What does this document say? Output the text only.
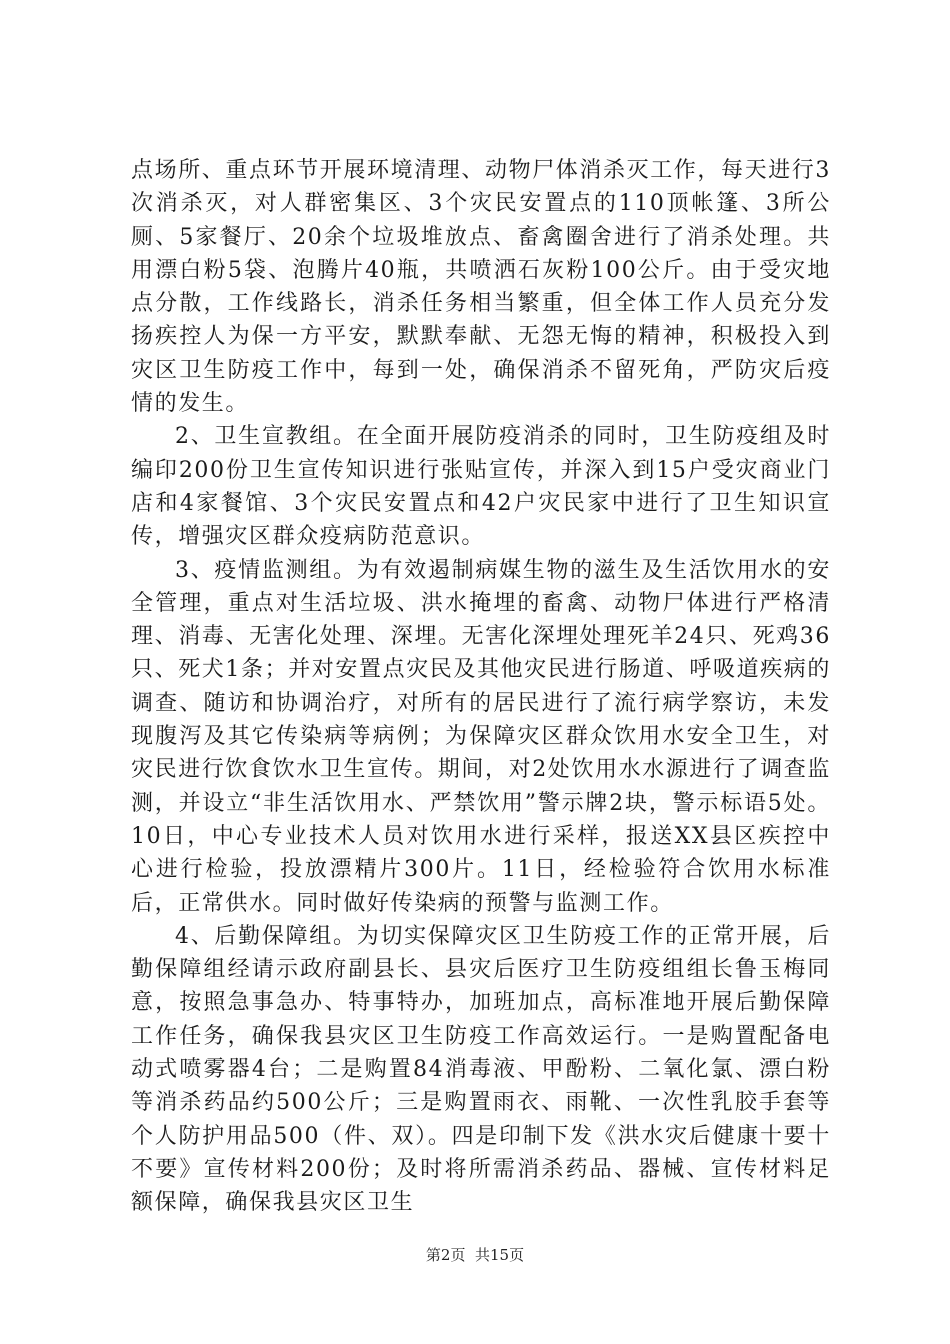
点场所、重点环节开展环境清理、动物尸体消杀灭工作，每天进行3次消杀灭，对人群密集区、3个灾民安置点的110顶帐篷、3所公厕、5家餐厅、20余个垃圾堆放点、畜禽圈舍进行了消杀处理。共用漂白粉5袋、泡腾片40瓶，共喷洒石灰粉100公斤。由于受灾地点分散，工作线路长，消杀任务相当繁重，但全体工作人员充分发扬疾控人为保一方平安，默默奉献、无怨无悔的精神，积极投入到灾区卫生防疫工作中，每到一处，确保消杀不留死角，严防灾后疫情的发生。

2、卫生宣教组。在全面开展防疫消杀的同时，卫生防疫组及时编印200份卫生宣传知识进行张贴宣传，并深入到15户受灾商业门店和4家餐馆、3个灾民安置点和42户灾民家中进行了卫生知识宣传，增强灾区群众疫病防范意识。

3、疫情监测组。为有效遏制病媒生物的滋生及生活饮用水的安全管理，重点对生活垃圾、洪水掩埋的畜禽、动物尸体进行严格清理、消毒、无害化处理、深埋。无害化深埋处理死羊24只、死鸡36只、死犬1条；并对安置点灾民及其他灾民进行肠道、呼吸道疾病的调查、随访和协调治疗，对所有的居民进行了流行病学察访，未发现腹泻及其它传染病等病例；为保障灾区群众饮用水安全卫生，对灾民进行饮食饮水卫生宣传。期间，对2处饮用水水源进行了调查监测，并设立“非生活饮用水、严禁饮用”警示牌2块，警示标语5处。10日，中心专业技术人员对饮用水进行采样，报送XX县区疾控中心进行检验，投放漂精片300片。11日，经检验符合饮用水标准后，正常供水。同时做好传染病的预警与监测工作。

4、后勤保障组。为切实保障灾区卫生防疫工作的正常开展，后勤保障组经请示政府副县长、县灾后医疗卫生防疫组组长鲁玉梅同意，按照急事急办、特事特办，加班加点，高标准地开展后勤保障工作任务，确保我县灾区卫生防疫工作高效运行。一是购置配备电动式喷雾器4台；二是购置84消毒液、甲酚粉、二氧化氯、漂白粉等消杀药品约500公斤；三是购置雨衣、雨靴、一次性乳胶手套等个人防护用品500（件、双）。四是印制下发《洪水灾后健康十要十不要》宣传材料200份；及时将所需消杀药品、器械、宣传材料足额保障，确保我县灾区卫生

第2页 共15页
